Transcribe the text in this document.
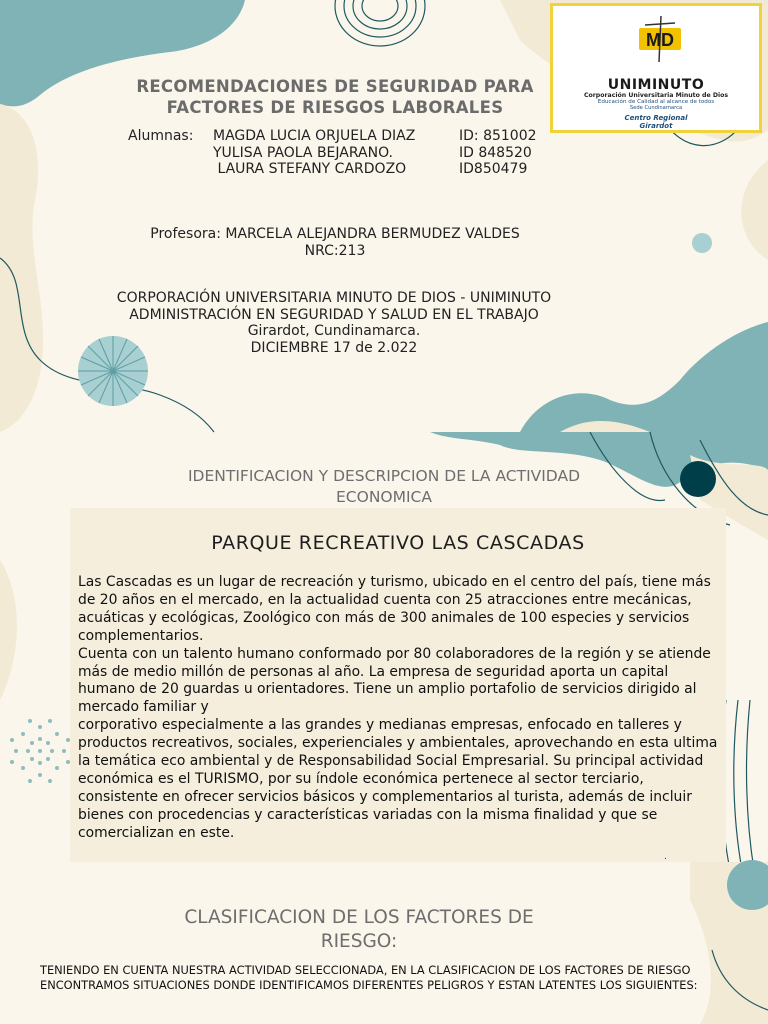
RECOMENDACIONES DE SEGURIDAD PARA FACTORES DE RIESGOS LABORALES
Alumnas:	MAGDA LUCIA ORJUELA DIAZ	ID: 851002
YULISA PAOLA BEJARANO.	ID 848520
LAURA STEFANY CARDOZO	ID850479
Profesora: MARCELA ALEJANDRA BERMUDEZ VALDES
NRC:213
CORPORACIÓN UNIVERSITARIA MINUTO DE DIOS - UNIMINUTO
ADMINISTRACIÓN EN SEGURIDAD Y SALUD EN EL TRABAJO
Girardot, Cundinamarca.
DICIEMBRE 17 de 2.022
MD
UNIMINUTO
Corporación Universitaria Minuto de Dios
Educación de Calidad al alcance de todos
Sede Cundinamarca
Centro Regional
Girardot
IDENTIFICACION Y DESCRIPCION DE LA ACTIVIDAD ECONOMICA
PARQUE RECREATIVO LAS CASCADAS

Las Cascadas es un lugar de recreación y turismo, ubicado en el centro del país, tiene más de 20 años en el mercado, en la actualidad cuenta con 25 atracciones entre mecánicas, acuáticas y ecológicas, Zoológico con más de 300 animales de 100 especies y servicios complementarios.

Cuenta con un talento humano conformado por 80 colaboradores de la región y se atiende más de medio millón de personas al año. La empresa de seguridad aporta un capital humano de 20 guardas u orientadores. Tiene un amplio portafolio de servicios dirigido al mercado familiar y

corporativo especialmente a las grandes y medianas empresas, enfocado en talleres y productos recreativos, sociales, experienciales y ambientales, aprovechando en esta ultima la temática eco ambiental y de Responsabilidad Social Empresarial. Su principal actividad económica es el TURISMO, por su índole económica pertenece al sector terciario, consistente en ofrecer servicios básicos y complementarios al turista, además de incluir bienes con procedencias y características variadas con la misma finalidad y que se comercializan en este.

.
CLASIFICACION DE LOS FACTORES DE RIESGO:
TENIENDO EN CUENTA NUESTRA ACTIVIDAD SELECCIONADA, EN LA CLASIFICACION DE LOS FACTORES DE RIESGO ENCONTRAMOS SITUACIONES DONDE IDENTIFICAMOS DIFERENTES PELIGROS Y ESTAN LATENTES LOS SIGUIENTES:
